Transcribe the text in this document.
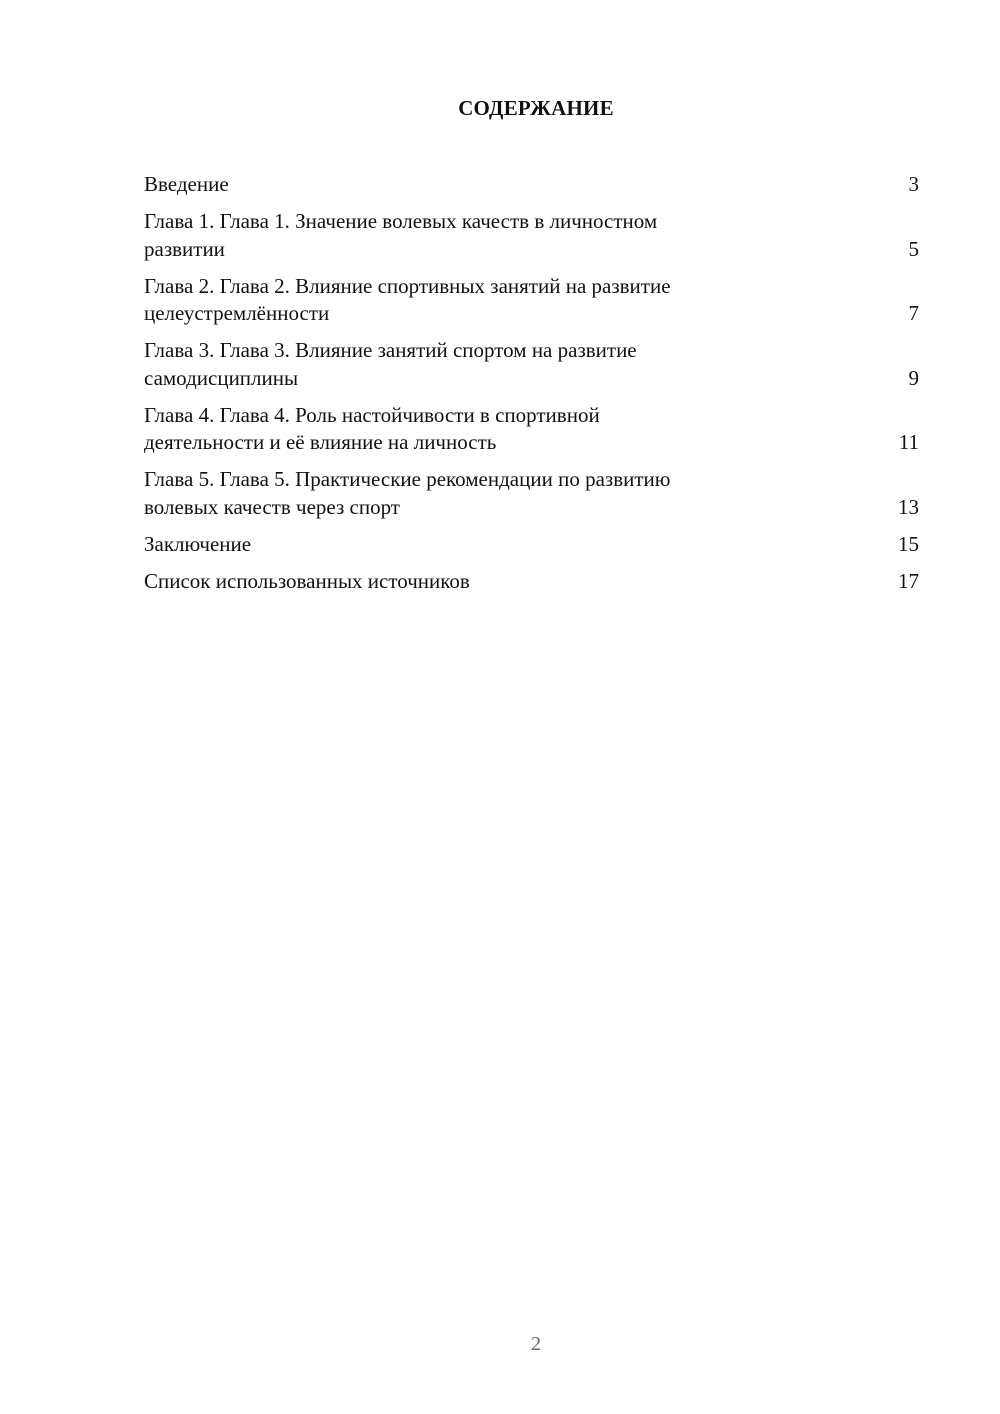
СОДЕРЖАНИЕ
Введение	3
Глава 1. Глава 1. Значение волевых качеств в личностном
развитии	5
Глава 2. Глава 2. Влияние спортивных занятий на развитие
целеустремлённости	7
Глава 3. Глава 3. Влияние занятий спортом на развитие
самодисциплины	9
Глава 4. Глава 4. Роль настойчивости в спортивной
деятельности и её влияние на личность	11
Глава 5. Глава 5. Практические рекомендации по развитию
волевых качеств через спорт	13
Заключение	15
Список использованных источников	17
2
